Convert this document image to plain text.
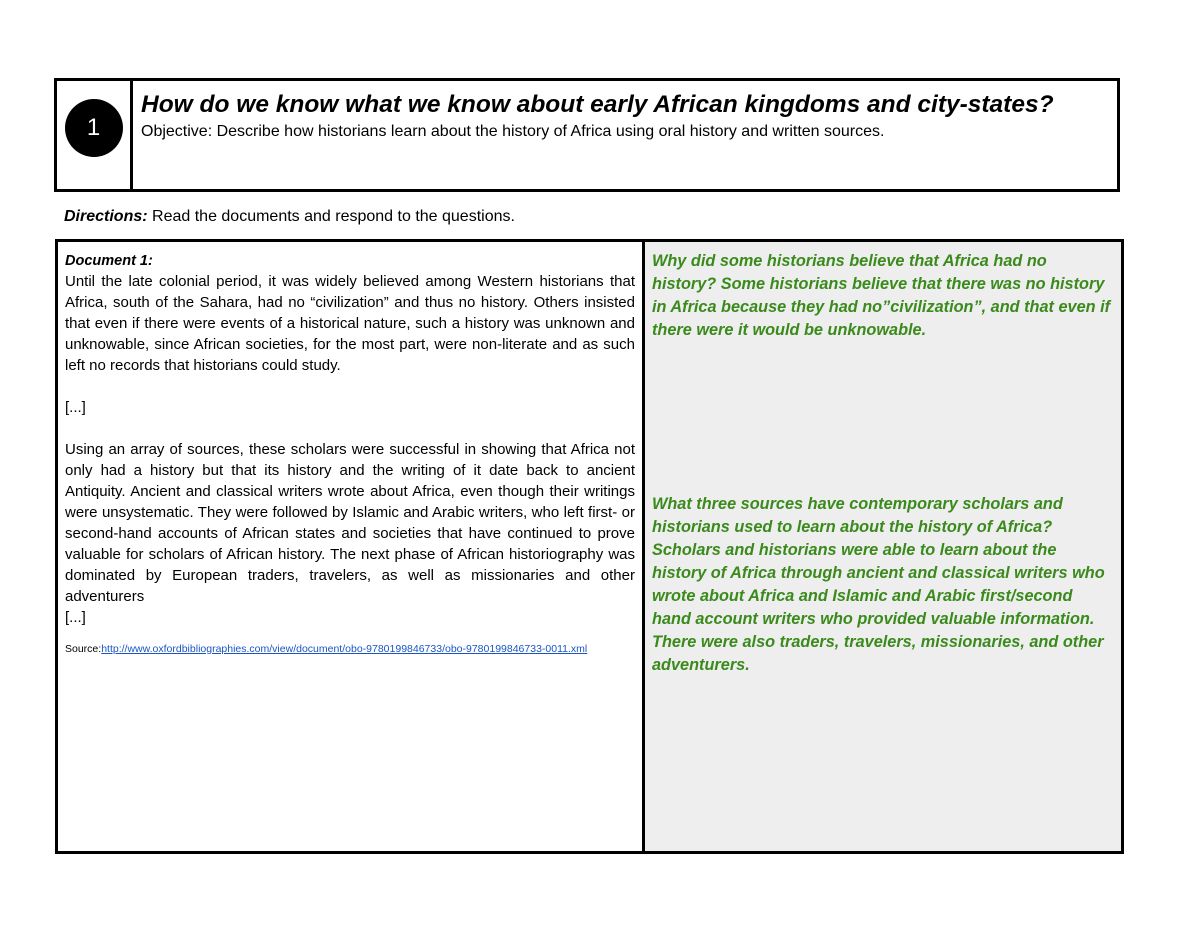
1
How do we know what we know about early African kingdoms and city-states?
Objective: Describe how historians learn about the history of Africa using oral history and written sources.
Directions: Read the documents and respond to the questions.
Document 1:

Until the late colonial period, it was widely believed among Western historians that Africa, south of the Sahara, had no “civilization” and thus no history. Others insisted that even if there were events of a historical nature, such a history was unknown and unknowable, since African societies, for the most part, were non-literate and as such left no records that historians could study.

[...]

Using an array of sources, these scholars were successful in showing that Africa not only had a history but that its history and the writing of it date back to ancient Antiquity. Ancient and classical writers wrote about Africa, even though their writings were unsystematic. They were followed by Islamic and Arabic writers, who left first- or second-hand accounts of African states and societies that have continued to prove valuable for scholars of African history. The next phase of African historiography was dominated by European traders, travelers, as well as missionaries and other adventurers

[...]

Source:http://www.oxfordbibliographies.com/view/document/obo-9780199846733/obo-9780199846733-0011.xml

Why did some historians believe that Africa had no history? Some historians believe that there was no history in Africa because they had no”civilization”, and that even if there were it would be unknowable.

What three sources have contemporary scholars and historians used to learn about the history of Africa? Scholars and historians were able to learn about the history of Africa through ancient and classical writers who wrote about Africa and Islamic and Arabic first/second hand account writers who provided valuable information. There were also traders, travelers, missionaries, and other adventurers.
